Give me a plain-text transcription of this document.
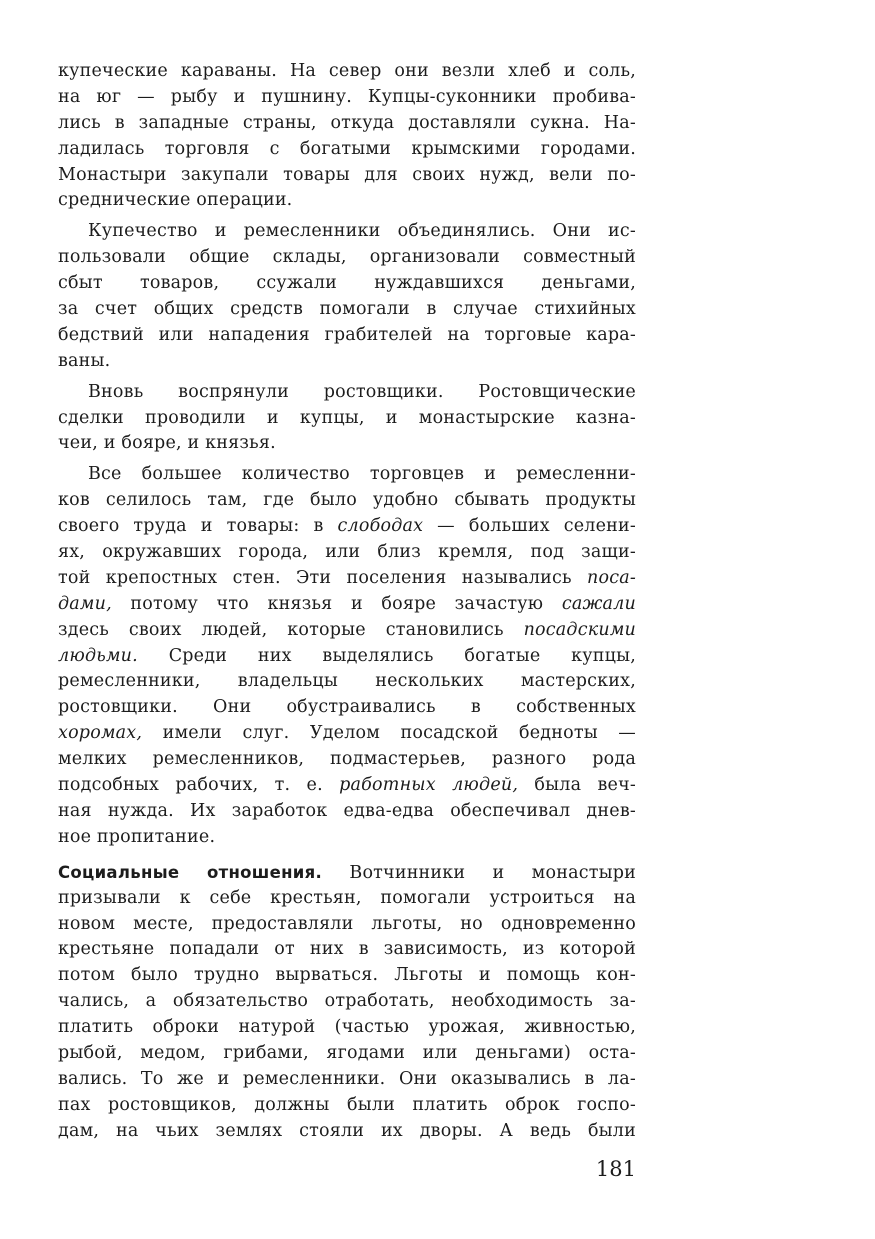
купеческие караваны. На север они везли хлеб и соль,
на юг — рыбу и пушнину. Купцы-суконники пробива-
лись в западные страны, откуда доставляли сукна. На-
ладилась торговля с богатыми крымскими городами.
Монастыри закупали товары для своих нужд, вели по-
среднические операции.
Купечество и ремесленники объединялись. Они ис-
пользовали общие склады, организовали совместный
сбыт товаров, ссужали нуждавшихся деньгами,
за счет общих средств помогали в случае стихийных
бедствий или нападения грабителей на торговые кара-
ваны.
Вновь воспрянули ростовщики. Ростовщические
сделки проводили и купцы, и монастырские казна-
чеи, и бояре, и князья.
Все большее количество торговцев и ремесленни-
ков селилось там, где было удобно сбывать продукты
своего труда и товары: в слободах — больших селени-
ях, окружавших города, или близ кремля, под защи-
той крепостных стен. Эти поселения назывались поса-
дами, потому что князья и бояре зачастую сажали
здесь своих людей, которые становились посадскими
людьми. Среди них выделялись богатые купцы,
ремесленники, владельцы нескольких мастерских,
ростовщики. Они обустраивались в собственных
хоромах, имели слуг. Уделом посадской бедноты —
мелких ремесленников, подмастерьев, разного рода
подсобных рабочих, т. е. работных людей, была веч-
ная нужда. Их заработок едва-едва обеспечивал днев-
ное пропитание.
Социальные отношения. Вотчинники и монастыри
призывали к себе крестьян, помогали устроиться на
новом месте, предоставляли льготы, но одновременно
крестьяне попадали от них в зависимость, из которой
потом было трудно вырваться. Льготы и помощь кон-
чались, а обязательство отработать, необходимость за-
платить оброки натурой (частью урожая, живностью,
рыбой, медом, грибами, ягодами или деньгами) оста-
вались. То же и ремесленники. Они оказывались в ла-
пах ростовщиков, должны были платить оброк госпо-
дам, на чьих землях стояли их дворы. А ведь были
181
